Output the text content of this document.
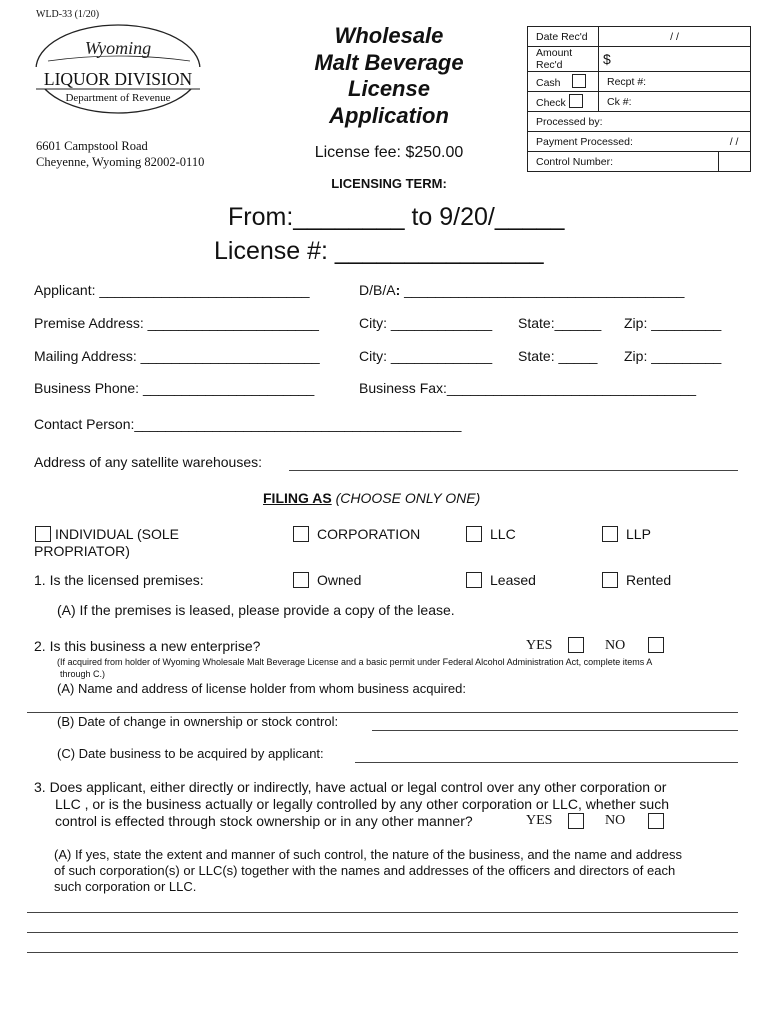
WLD-33 (1/20)
Wyoming
LIQUOR DIVISION
Department of Revenue
6601 Campstool Road
Cheyenne, Wyoming 82002-0110
Wholesale
Malt Beverage
License
Application
License fee: $250.00
LICENSING TERM:
From:________ to 9/20/_____
License #: _______________
Date Rec'd	/ /	
Amount Rec'd	$	
Cash	Recpt #:	
Check	Ck #:	
Processed by:		
Payment Processed:		/ /
Control Number:		
Applicant: ___________________________	D/B/A: ____________________________________
Premise Address: ______________________	City: _____________ State:______ Zip: _________
Mailing Address: _______________________	City: _____________ State: _____ Zip: _________
Business Phone: ______________________	Business Fax:________________________________
Contact Person:__________________________________________
Address of any satellite warehouses:
FILING AS (CHOOSE ONLY ONE)
INDIVIDUAL (SOLE
PROPRIATOR)
CORPORATION	LLC	LLP
1. Is the licensed premises:	Owned	Leased	Rented
(A) If the premises is leased, please provide a copy of the lease.
2. Is this business a new enterprise?	YES	NO
(If acquired from holder of Wyoming Wholesale Malt Beverage License and a basic permit under Federal Alcohol Administration Act, complete items A
through C.)
(A) Name and address of license holder from whom business acquired:
(B) Date of change in ownership or stock control:
(C) Date business to be acquired by applicant:
3. Does applicant, either directly or indirectly, have actual or legal control over any other corporation or
LLC , or is the business actually or legally controlled by any other corporation or LLC, whether such
control is effected through stock ownership or in any other manner?	YES	NO
(A) If yes, state the extent and manner of such control, the nature of the business, and the name and address
of such corporation(s) or LLC(s) together with the names and addresses of the officers and directors of each
such corporation or LLC.
